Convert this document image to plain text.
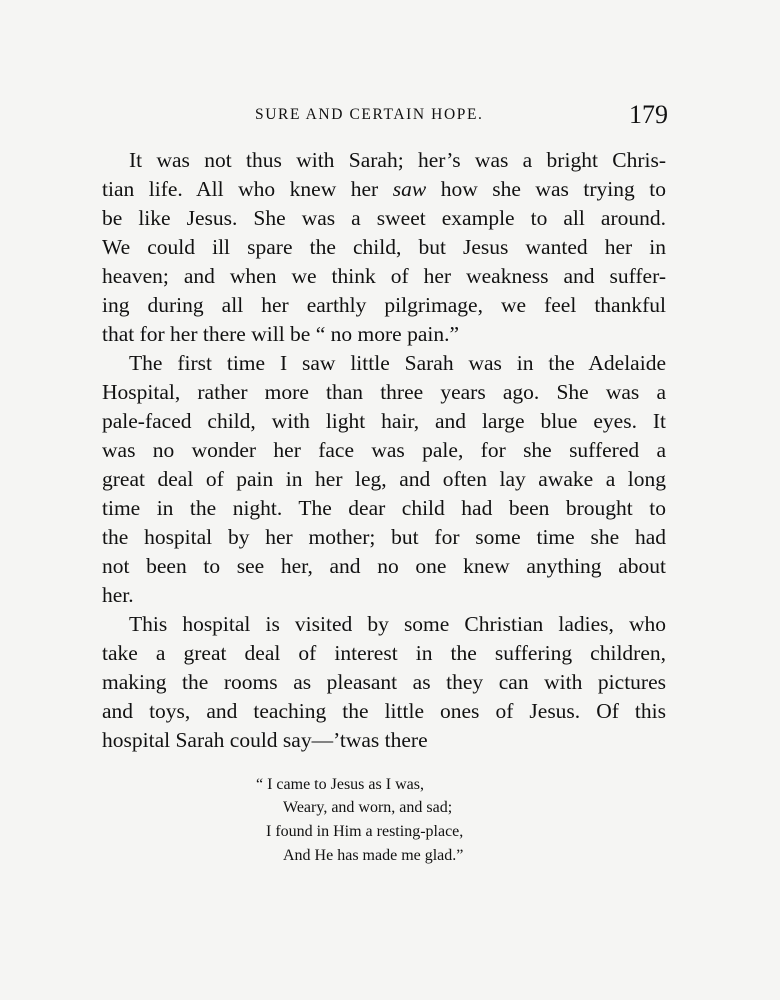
SURE AND CERTAIN HOPE.	179
It was not thus with Sarah; her’s was a bright Chris-
tian life. All who knew her saw how she was trying to
be like Jesus. She was a sweet example to all around.
We could ill spare the child, but Jesus wanted her in
heaven; and when we think of her weakness and suffer-
ing during all her earthly pilgrimage, we feel thankful
that for her there will be “ no more pain.”
The first time I saw little Sarah was in the Adelaide
Hospital, rather more than three years ago. She was a
pale-faced child, with light hair, and large blue eyes. It
was no wonder her face was pale, for she suffered a
great deal of pain in her leg, and often lay awake a long
time in the night. The dear child had been brought to
the hospital by her mother; but for some time she had
not been to see her, and no one knew anything about
her.
This hospital is visited by some Christian ladies, who
take a great deal of interest in the suffering children,
making the rooms as pleasant as they can with pictures
and toys, and teaching the little ones of Jesus. Of this
hospital Sarah could say—’twas there
“ I came to Jesus as I was,
Weary, and worn, and sad;
I found in Him a resting-place,
And He has made me glad.”
